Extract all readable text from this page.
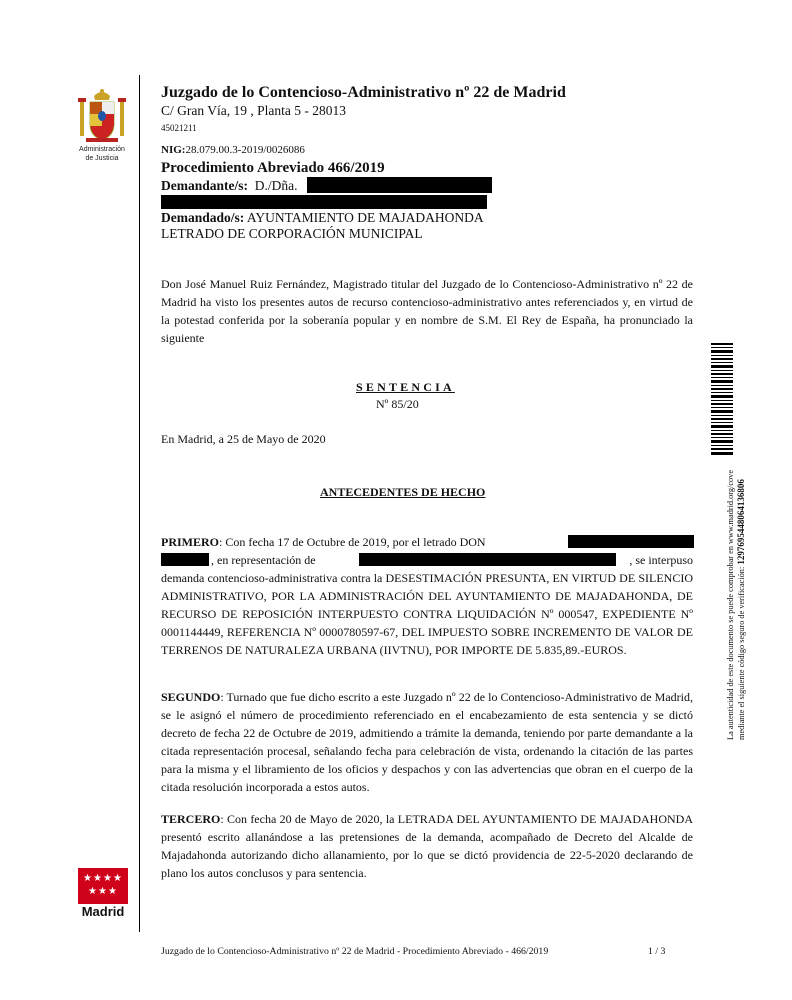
Administración
de Justicia
★ ★ ★ ★
★ ★ ★
Madrid
Juzgado de lo Contencioso-Administrativo nº 22 de Madrid
C/ Gran Vía, 19 , Planta 5 - 28013
45021211
NIG:28.079.00.3-2019/0026086
Procedimiento Abreviado 466/2019
Demandante/s: D./Dña.
Demandado/s: AYUNTAMIENTO DE MAJADAHONDA
LETRADO DE CORPORACIÓN MUNICIPAL
Don José Manuel Ruiz Fernández, Magistrado titular del Juzgado de lo Contencioso-Administrativo nº 22 de Madrid ha visto los presentes autos de recurso contencioso-administrativo antes referenciados y, en virtud de la potestad conferida por la soberanía popular y en nombre de S.M. El Rey de España, ha pronunciado la siguiente
SENTENCIA
Nº 85/20
En Madrid, a 25 de Mayo de 2020
ANTECEDENTES DE HECHO
PRIMERO: Con fecha 17 de Octubre de 2019, por el letrado DON
, en representación de	, se interpuso
demanda contencioso-administrativa contra la DESESTIMACIÓN PRESUNTA, EN VIRTUD DE SILENCIO ADMINISTRATIVO, POR LA ADMINISTRACIÓN DEL AYUNTAMIENTO DE MAJADAHONDA, DE RECURSO DE REPOSICIÓN INTERPUESTO CONTRA LIQUIDACIÓN Nº 000547, EXPEDIENTE Nº 0001144449, REFERENCIA Nº 0000780597-67, DEL IMPUESTO SOBRE INCREMENTO DE VALOR DE TERRENOS DE NATURALEZA URBANA (IIVTNU), POR IMPORTE DE 5.835,89.-EUROS.
SEGUNDO: Turnado que fue dicho escrito a este Juzgado nº 22 de lo Contencioso-Administrativo de Madrid, se le asignó el número de procedimiento referenciado en el encabezamiento de esta sentencia y se dictó decreto de fecha 22 de Octubre de 2019, admitiendo a trámite la demanda, teniendo por parte demandante a la citada representación procesal, señalando fecha para celebración de vista, ordenando la citación de las partes para la misma y el libramiento de los oficios y despachos y con las advertencias que obran en el cuerpo de la citada resolución incorporada a estos autos.
TERCERO: Con fecha 20 de Mayo de 2020, la LETRADA DEL AYUNTAMIENTO DE MAJADAHONDA presentó escrito allanándose a las pretensiones de la demanda, acompañado de Decreto del Alcalde de Majadahonda autorizando dicho allanamiento, por lo que se dictó providencia de 22-5-2020 declarando de plano los autos conclusos y para sentencia.
La autenticidad de este documento se puede comprobar en www.madrid.org/cove mediante el siguiente código seguro de verificación: 1297695448064136806
Juzgado de lo Contencioso-Administrativo nº 22 de Madrid - Procedimiento Abreviado - 466/2019	1 / 3
